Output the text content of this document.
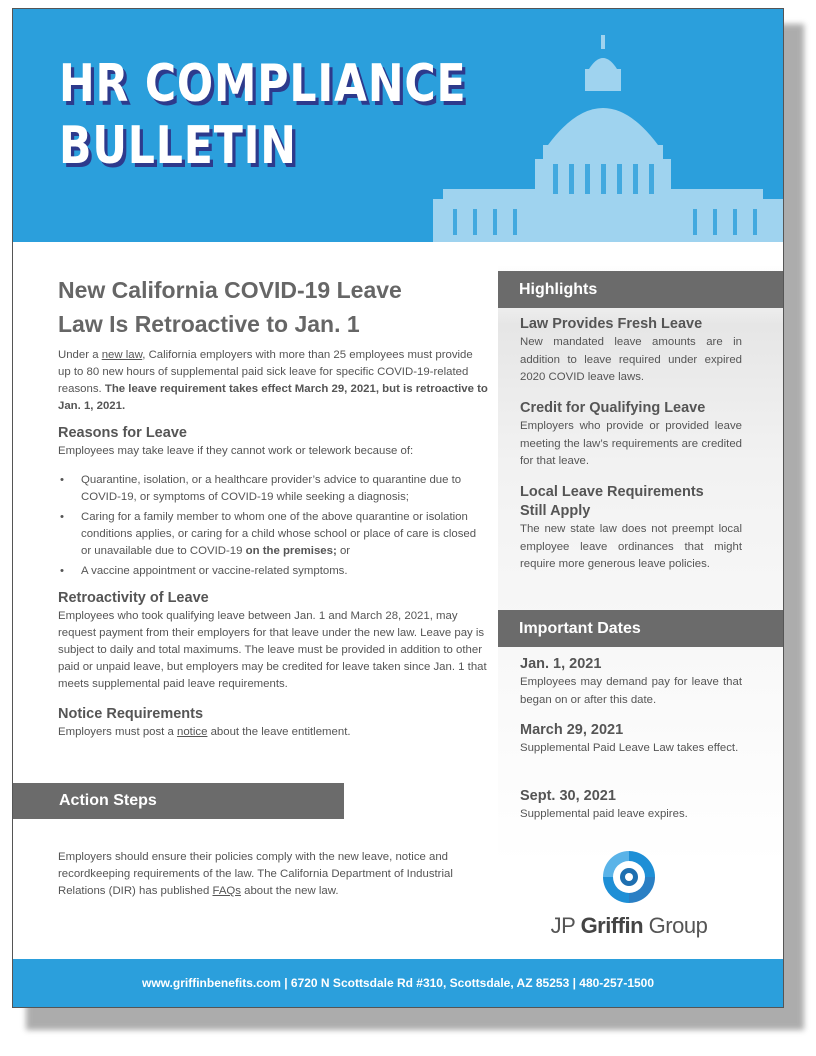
HR COMPLIANCE
BULLETIN
New California COVID-19 Leave
Law Is Retroactive to Jan. 1

Under a new law, California employers with more than 25 employees must provide up to 80 new hours of supplemental paid sick leave for specific COVID-19-related reasons. The leave requirement takes effect March 29, 2021, but is retroactive to Jan. 1, 2021.

Reasons for Leave

Employees may take leave if they cannot work or telework because of:

• Quarantine, isolation, or a healthcare provider’s advice to quarantine due to COVID-19, or symptoms of COVID-19 while seeking a diagnosis;
• Caring for a family member to whom one of the above quarantine or isolation conditions applies, or caring for a child whose school or place of care is closed or unavailable due to COVID-19 on the premises; or
• A vaccine appointment or vaccine-related symptoms.
Retroactivity of Leave

Employees who took qualifying leave between Jan. 1 and March 28, 2021, may request payment from their employers for that leave under the new law. Leave pay is subject to daily and total maximums. The leave must be provided in addition to other paid or unpaid leave, but employers may be credited for leave taken since Jan. 1 that meets supplemental paid leave requirements.

Notice Requirements

Employers must post a notice about the leave entitlement.

Action Steps

Employers should ensure their policies comply with the new leave, notice and recordkeeping requirements of the law. The California Department of Industrial Relations (DIR) has published FAQs about the new law.

Highlights
Law Provides Fresh Leave

New mandated leave amounts are in addition to leave required under expired 2020 COVID leave laws.

Credit for Qualifying Leave

Employers who provide or provided leave meeting the law’s requirements are credited for that leave.

Local Leave Requirements
Still Apply

The new state law does not preempt local employee leave ordinances that might require more generous leave policies.

Important Dates
Jan. 1, 2021

Employees may demand pay for leave that began on or after this date.

March 29, 2021

Supplemental Paid Leave Law takes effect.

Sept. 30, 2021

Supplemental paid leave expires.

JP Griffin Group
www.griffinbenefits.com | 6720 N Scottsdale Rd #310, Scottsdale, AZ 85253 | 480-257-1500
